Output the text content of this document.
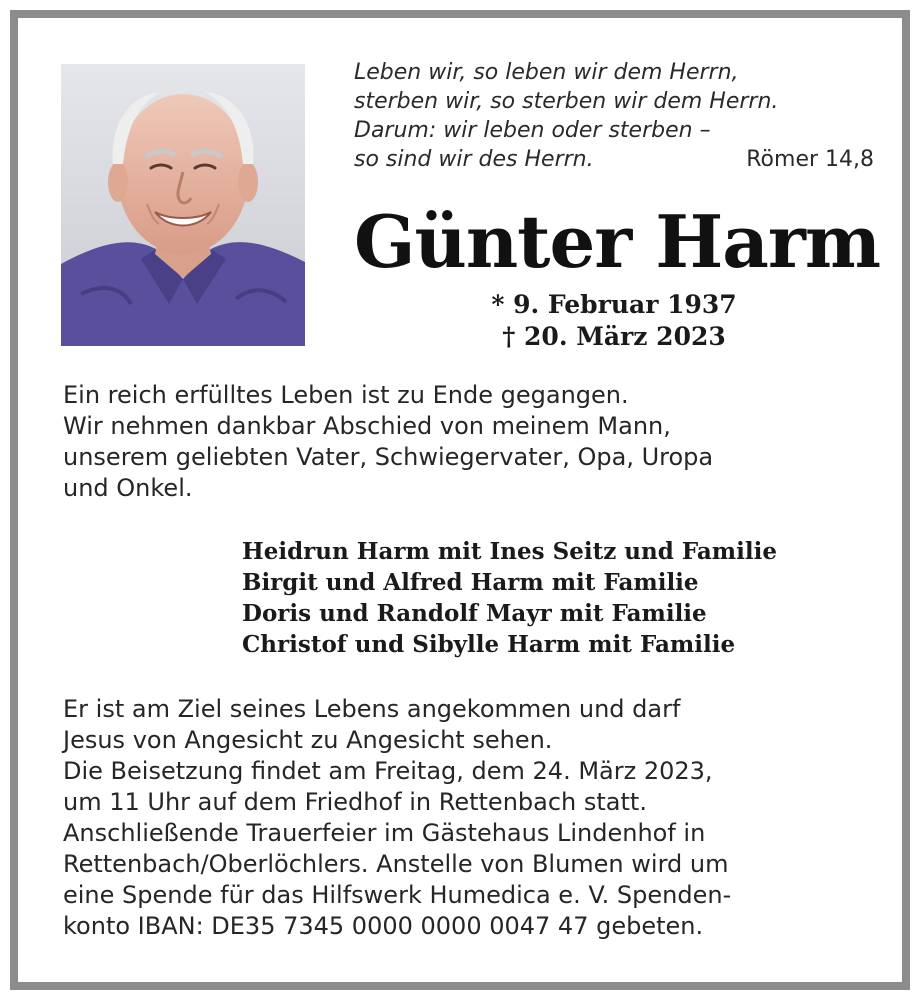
Leben wir, so leben wir dem Herrn,
sterben wir, so sterben wir dem Herrn.
Darum: wir leben oder sterben –
so sind wir des Herrn.	Römer 14,8
Günter Harm
* 9. Februar 1937
† 20. März 2023
Ein reich erfülltes Leben ist zu Ende gegangen.
Wir nehmen dankbar Abschied von meinem Mann,
unserem geliebten Vater, Schwiegervater, Opa, Uropa
und Onkel.
Heidrun Harm mit Ines Seitz und Familie
Birgit und Alfred Harm mit Familie
Doris und Randolf Mayr mit Familie
Christof und Sibylle Harm mit Familie
Er ist am Ziel seines Lebens angekommen und darf
Jesus von Angesicht zu Angesicht sehen.
Die Beisetzung findet am Freitag, dem 24. März 2023,
um 11 Uhr auf dem Friedhof in Rettenbach statt.
Anschließende Trauerfeier im Gästehaus Lindenhof in
Rettenbach/Oberlöchlers. Anstelle von Blumen wird um
eine Spende für das Hilfswerk Humedica e. V. Spenden-
konto IBAN: DE35 7345 0000 0000 0047 47 gebeten.
